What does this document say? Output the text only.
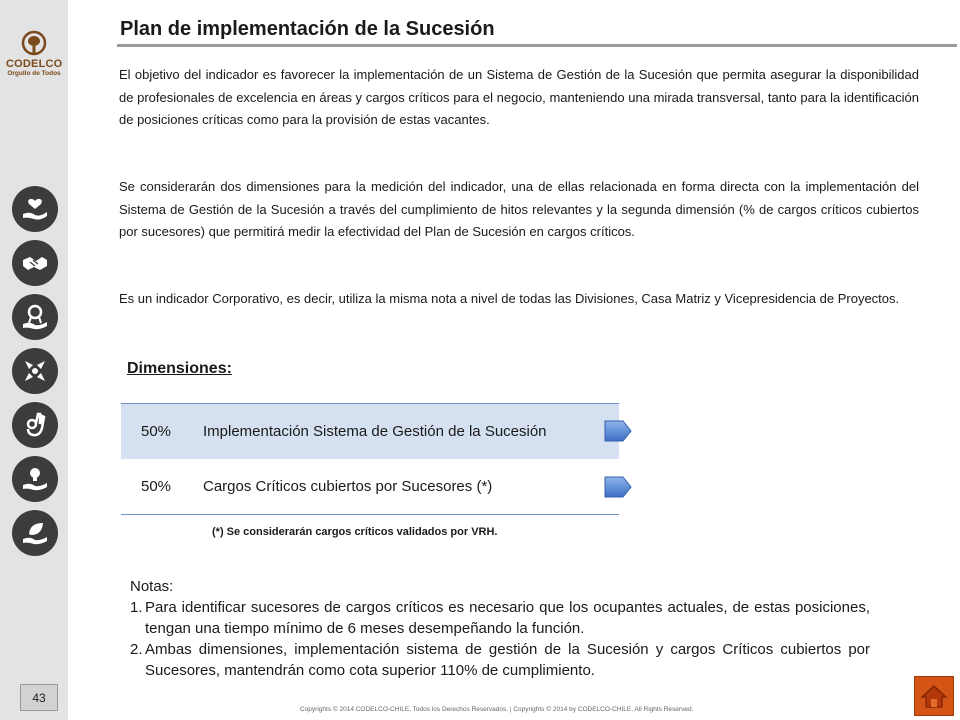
CODELCO
Orgullo de Todos
43
Plan de implementación de la Sucesión

El objetivo del indicador es favorecer la implementación de un Sistema de Gestión de la Sucesión que permita asegurar la disponibilidad de profesionales de excelencia en áreas y cargos críticos para el negocio, manteniendo una mirada transversal, tanto para la identificación de posiciones críticas como para la provisión de estas vacantes.

Se considerarán dos dimensiones para la medición del indicador, una de ellas relacionada en forma directa con la implementación del Sistema de Gestión de la Sucesión a través del cumplimiento de hitos relevantes y la segunda dimensión (% de cargos críticos cubiertos por sucesores) que permitirá medir la efectividad del Plan de Sucesión en cargos críticos.

Es un indicador Corporativo, es decir, utiliza la misma nota a nivel de todas las Divisiones, Casa Matriz y Vicepresidencia de Proyectos.

Dimensiones:
50%	Implementación Sistema de Gestión de la Sucesión
50%	Cargos Críticos cubiertos por Sucesores (*)
(*) Se considerarán cargos críticos validados por VRH.
Notas:
1. Para identificar sucesores de cargos críticos es necesario que los ocupantes actuales, de estas posiciones, tengan una tiempo mínimo de 6 meses desempeñando la función.
2. Ambas dimensiones, implementación sistema de gestión de la Sucesión y cargos Críticos cubiertos por Sucesores, mantendrán como cota superior 110% de cumplimiento.
Copyrights © 2014 CODELCO-CHILE. Todos los Derechos Reservados. | Copyrights © 2014 by CODELCO-CHILE. All Rights Reserved.
